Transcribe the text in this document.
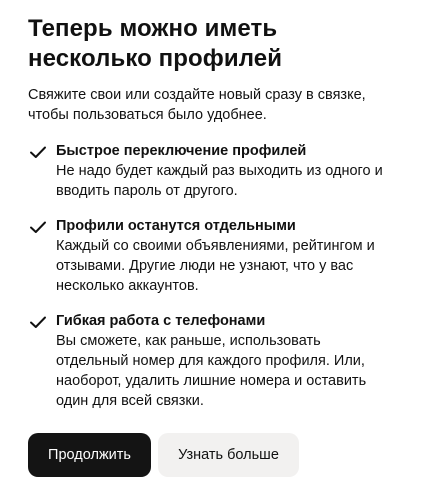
Теперь можно иметь
несколько профилей

Свяжите свои или создайте новый сразу в связке, чтобы пользоваться было удобнее.

Быстрое переключение профилей

Не надо будет каждый раз выходить из одного и вводить пароль от другого.

Профили останутся отдельными

Каждый со своими объявлениями, рейтингом и отзывами. Другие люди не узнают, что у вас несколько аккаунтов.

Гибкая работа с телефонами

Вы сможете, как раньше, использовать отдельный номер для каждого профиля. Или, наоборот, удалить лишние номера и оставить один для всей связки.

Продолжить	Узнать больше
